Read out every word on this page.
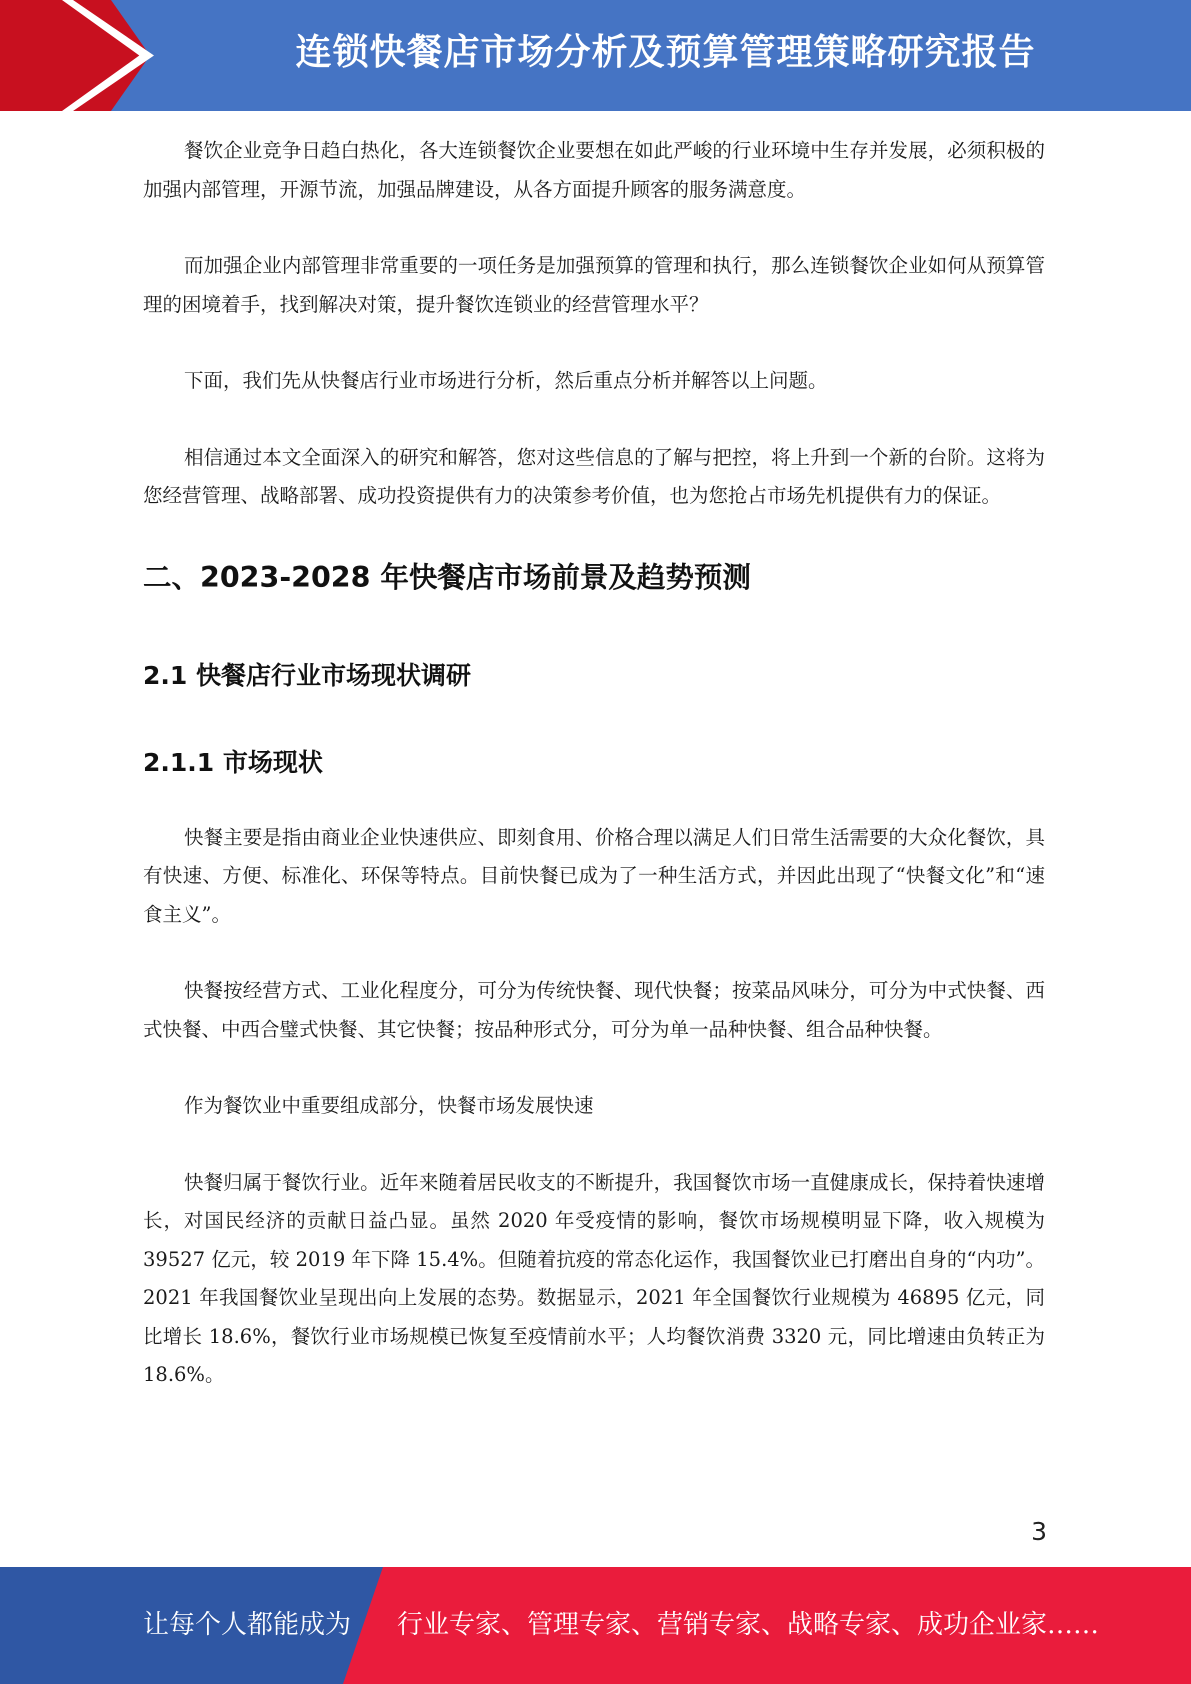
连锁快餐店市场分析及预算管理策略研究报告

餐饮企业竞争日趋白热化，各大连锁餐饮企业要想在如此严峻的行业环境中生存并发展，必须积极的加强内部管理，开源节流，加强品牌建设，从各方面提升顾客的服务满意度。

而加强企业内部管理非常重要的一项任务是加强预算的管理和执行，那么连锁餐饮企业如何从预算管理的困境着手，找到解决对策，提升餐饮连锁业的经营管理水平？

下面，我们先从快餐店行业市场进行分析，然后重点分析并解答以上问题。

相信通过本文全面深入的研究和解答，您对这些信息的了解与把控，将上升到一个新的台阶。这将为您经营管理、战略部署、成功投资提供有力的决策参考价值，也为您抢占市场先机提供有力的保证。

二、2023-2028 年快餐店市场前景及趋势预测
2.1 快餐店行业市场现状调研
2.1.1 市场现状

快餐主要是指由商业企业快速供应、即刻食用、价格合理以满足人们日常生活需要的大众化餐饮，具有快速、方便、标准化、环保等特点。目前快餐已成为了一种生活方式，并因此出现了“快餐文化”和“速食主义”。

快餐按经营方式、工业化程度分，可分为传统快餐、现代快餐；按菜品风味分，可分为中式快餐、西式快餐、中西合璧式快餐、其它快餐；按品种形式分，可分为单一品种快餐、组合品种快餐。

作为餐饮业中重要组成部分，快餐市场发展快速

快餐归属于餐饮行业。近年来随着居民收支的不断提升，我国餐饮市场一直健康成长，保持着快速增长，对国民经济的贡献日益凸显。虽然 2020 年受疫情的影响，餐饮市场规模明显下降，收入规模为 39527 亿元，较 2019 年下降 15.4%。但随着抗疫的常态化运作，我国餐饮业已打磨出自身的“内功”。2021 年我国餐饮业呈现出向上发展的态势。数据显示，2021 年全国餐饮行业规模为 46895 亿元，同比增长 18.6%，餐饮行业市场规模已恢复至疫情前水平；人均餐饮消费 3320 元，同比增速由负转正为 18.6%。

3
让每个人都能成为 行业专家、管理专家、营销专家、战略专家、成功企业家……
